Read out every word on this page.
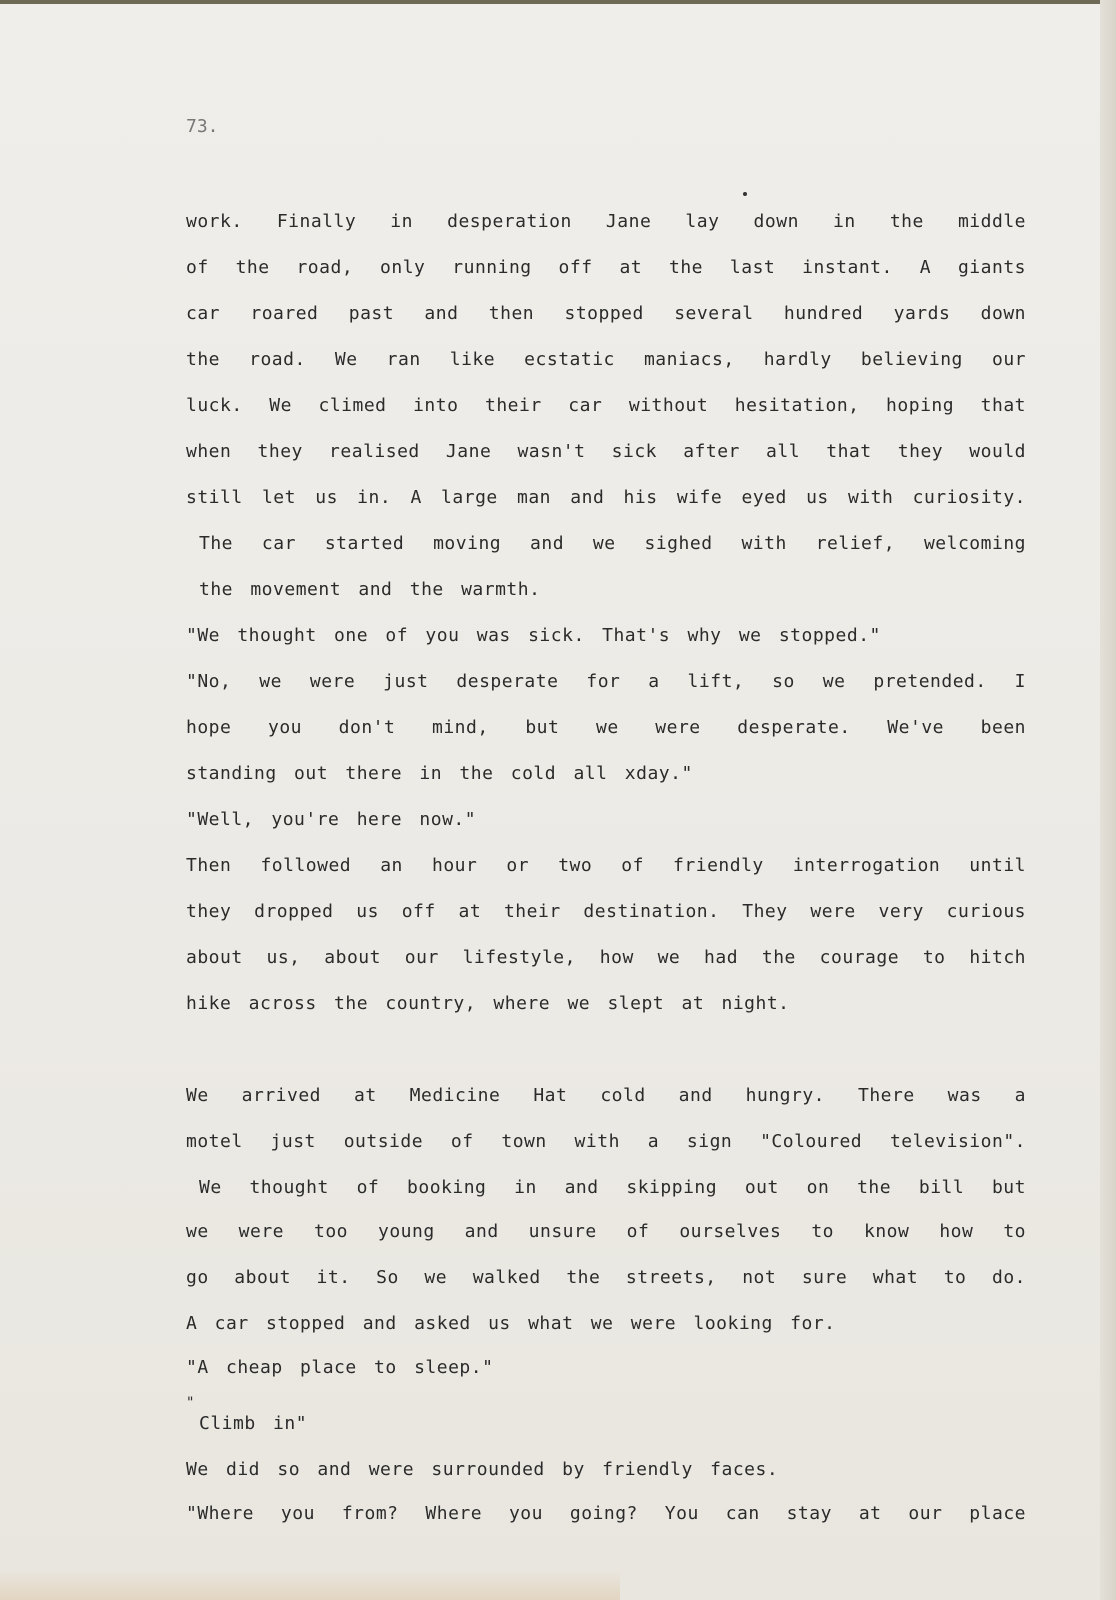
73.
work. Finally in desperation Jane lay down in the middle
of the road, only running off at the last instant. A giants
car roared past and then stopped several hundred yards down
the road. We ran like ecstatic maniacs, hardly believing our
luck. We climed into their car without hesitation, hoping that
when they realised Jane wasn't sick after all that they would
still let us in. A large man and his wife eyed us with curiosity.
The car started moving and we sighed with relief, welcoming
the movement and the warmth.
"We thought one of you was sick. That's why we stopped."
"No, we were just desperate for a lift, so we pretended. I
hope you don't mind, but we were desperate. We've been
standing out there in the cold all xday."
"Well, you're here now."
Then followed an hour or two of friendly interrogation until
they dropped us off at their destination. They were very curious
about us, about our lifestyle, how we had the courage to hitch
hike across the country, where we slept at night.
We arrived at Medicine Hat cold and hungry. There was a
motel just outside of town with a sign "Coloured television".
We thought of booking in and skipping out on the bill but
we were too young and unsure of ourselves to know how to
go about it. So we walked the streets, not sure what to do.
A car stopped and asked us what we were looking for.
"A cheap place to sleep."
"
Climb in"
We did so and were surrounded by friendly faces.
"Where you from? Where you going? You can stay at our place
